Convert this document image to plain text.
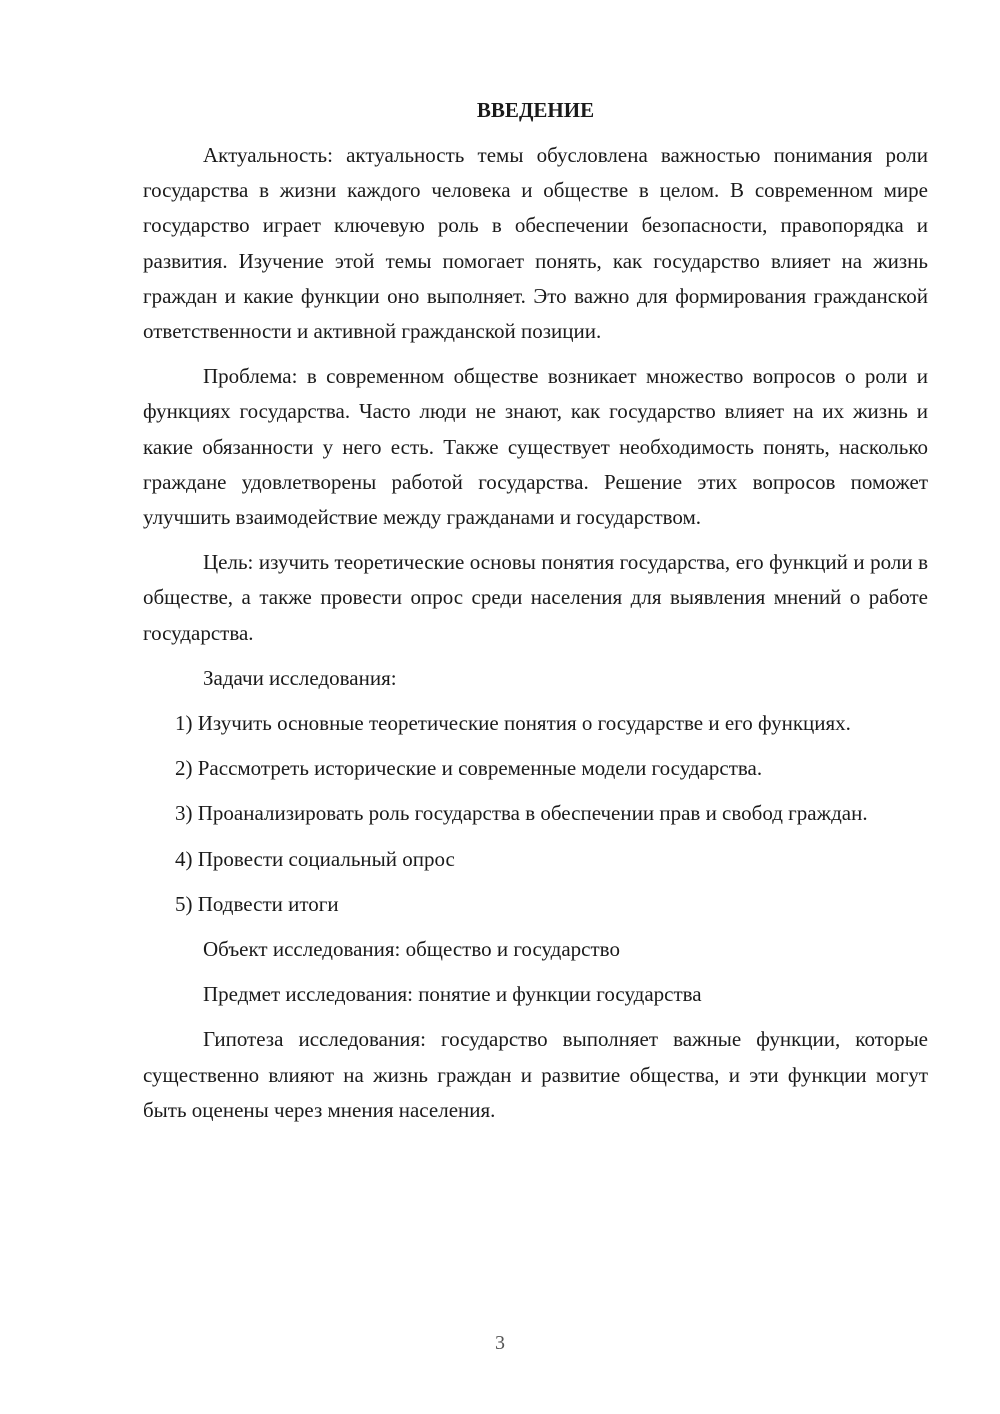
ВВЕДЕНИЕ

Актуальность: актуальность темы обусловлена важностью понимания роли государства в жизни каждого человека и обществе в целом. В современном мире государство играет ключевую роль в обеспечении безопасности, правопорядка и развития. Изучение этой темы помогает понять, как государство влияет на жизнь граждан и какие функции оно выполняет. Это важно для формирования гражданской ответственности и активной гражданской позиции.

Проблема: в современном обществе возникает множество вопросов о роли и функциях государства. Часто люди не знают, как государство влияет на их жизнь и какие обязанности у него есть. Также существует необходимость понять, насколько граждане удовлетворены работой государства. Решение этих вопросов поможет улучшить взаимодействие между гражданами и государством.

Цель: изучить теоретические основы понятия государства, его функций и роли в обществе, а также провести опрос среди населения для выявления мнений о работе государства.

Задачи исследования:

1) Изучить основные теоретические понятия о государстве и его функциях.

2) Рассмотреть исторические и современные модели государства.

3) Проанализировать роль государства в обеспечении прав и свобод граждан.

4) Провести социальный опрос

5) Подвести итоги

Объект исследования: общество и государство

Предмет исследования: понятие и функции государства

Гипотеза исследования: государство выполняет важные функции, которые существенно влияют на жизнь граждан и развитие общества, и эти функции могут быть оценены через мнения населения.

3
